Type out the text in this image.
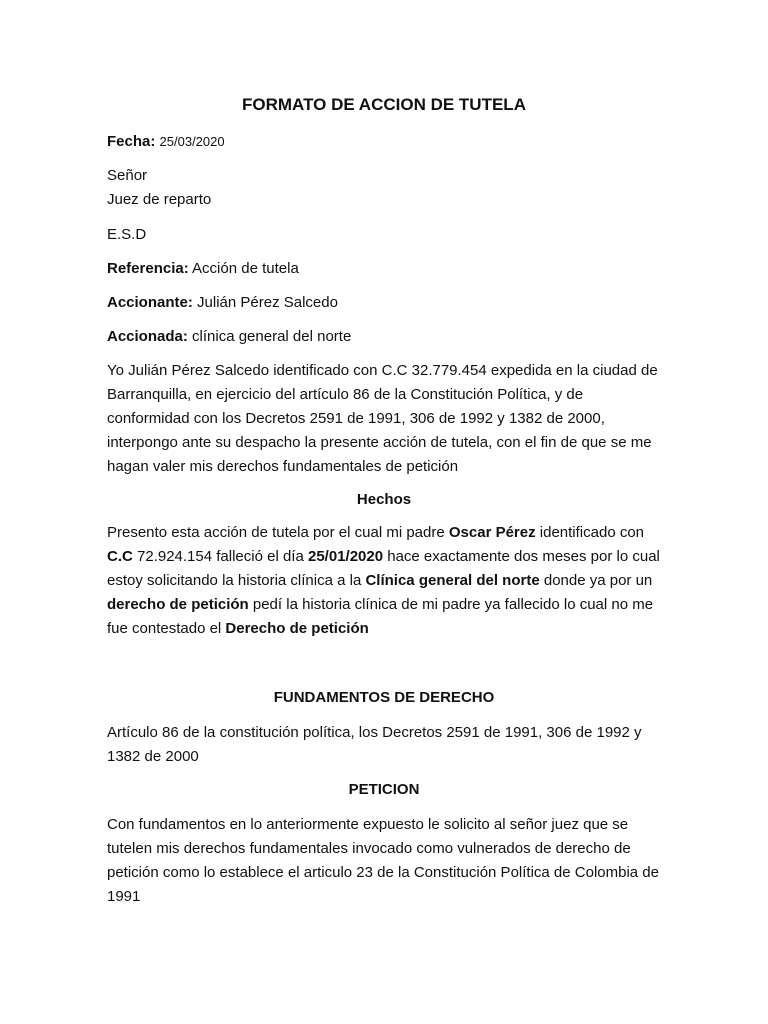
FORMATO DE ACCION DE TUTELA
Fecha: 25/03/2020
Señor
Juez de reparto
E.S.D
Referencia: Acción de tutela
Accionante: Julián Pérez Salcedo
Accionada: clínica general del norte
Yo Julián Pérez Salcedo identificado con C.C 32.779.454 expedida en la ciudad de Barranquilla, en ejercicio del artículo 86 de la Constitución Política, y de conformidad con los Decretos 2591 de 1991, 306 de 1992 y 1382 de 2000, interpongo ante su despacho la presente acción de tutela, con el fin de que se me hagan valer mis derechos fundamentales de petición
Hechos
Presento esta acción de tutela por el cual mi padre Oscar Pérez identificado con C.C 72.924.154 falleció el día 25/01/2020 hace exactamente dos meses por lo cual estoy solicitando la historia clínica a la Clínica general del norte donde ya por un derecho de petición pedí la historia clínica de mi padre ya fallecido lo cual no me fue contestado el Derecho de petición
FUNDAMENTOS DE DERECHO
Artículo 86 de la constitución política, los Decretos 2591 de 1991, 306 de 1992 y 1382 de 2000
PETICION
Con fundamentos en lo anteriormente expuesto le solicito al señor juez que se tutelen mis derechos fundamentales invocado como vulnerados de derecho de petición como lo establece el articulo 23 de la Constitución Política de Colombia de 1991
